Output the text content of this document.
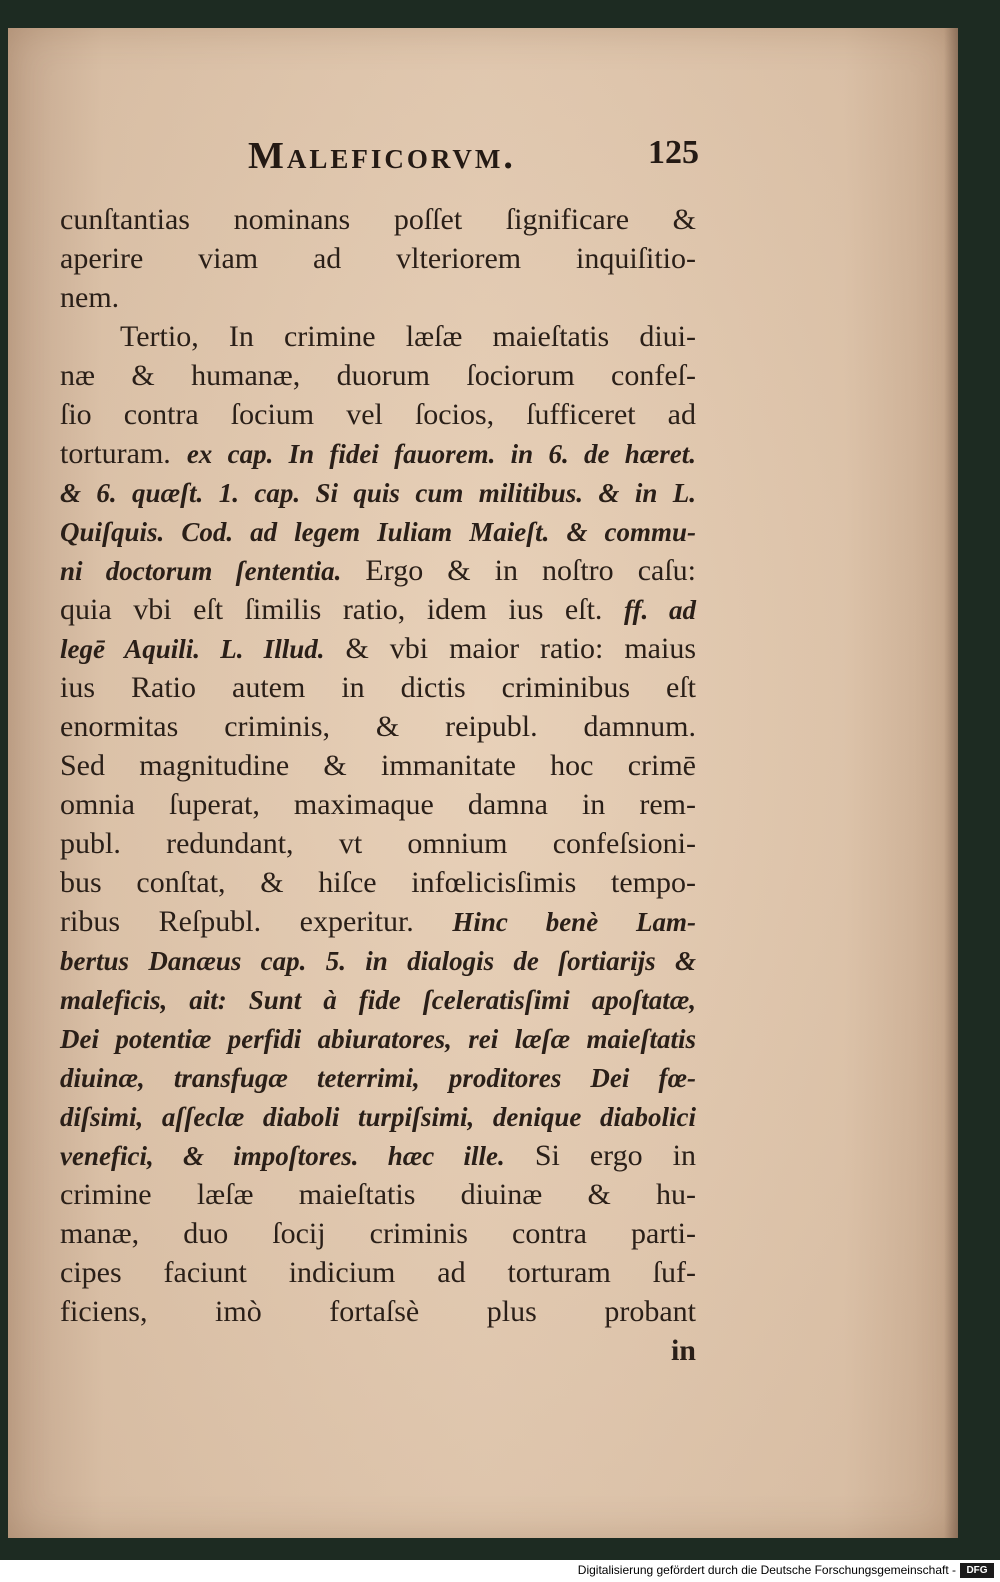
Maleficorvm.	125
cunſtantias nominans poſſet ſignificare &
aperire viam ad vlteriorem inquiſitio-
nem.
Tertio, In crimine læſæ maieſtatis diui-
næ & humanæ, duorum ſociorum confeſ-
ſio contra ſocium vel ſocios, ſufficeret ad
torturam. ex cap. In fidei fauorem. in 6. de hæret.
& 6. quæſt. 1. cap. Si quis cum militibus. & in L.
Quiſquis. Cod. ad legem Iuliam Maieſt. & commu-
ni doctorum ſententia. Ergo & in noſtro caſu:
quia vbi eſt ſimilis ratio, idem ius eſt. ff. ad
legē Aquili. L. Illud. & vbi maior ratio: maius
ius Ratio autem in dictis criminibus eſt
enormitas criminis, & reipubl. damnum.
Sed magnitudine & immanitate hoc crimē
omnia ſuperat, maximaque damna in rem-
publ. redundant, vt omnium confeſsioni-
bus conſtat, & hiſce infœlicisſimis tempo-
ribus Reſpubl. experitur. Hinc benè Lam-
bertus Danæus cap. 5. in dialogis de ſortiarijs &
maleficis, ait: Sunt à fide ſceleratisſimi apoſtatæ,
Dei potentiæ perfidi abiuratores, rei læſæ maieſtatis
diuinæ, transfugæ teterrimi, proditores Dei fœ-
diſsimi, aſſeclæ diaboli turpiſsimi, denique diabolici
venefici, & impoſtores. hæc ille. Si ergo in
crimine læſæ maieſtatis diuinæ & hu-
manæ, duo ſocij criminis contra parti-
cipes faciunt indicium ad torturam ſuf-
ficiens, imò fortaſsè plus probant
in
Digitalisierung gefördert durch die Deutsche Forschungsgemeinschaft -	DFG
